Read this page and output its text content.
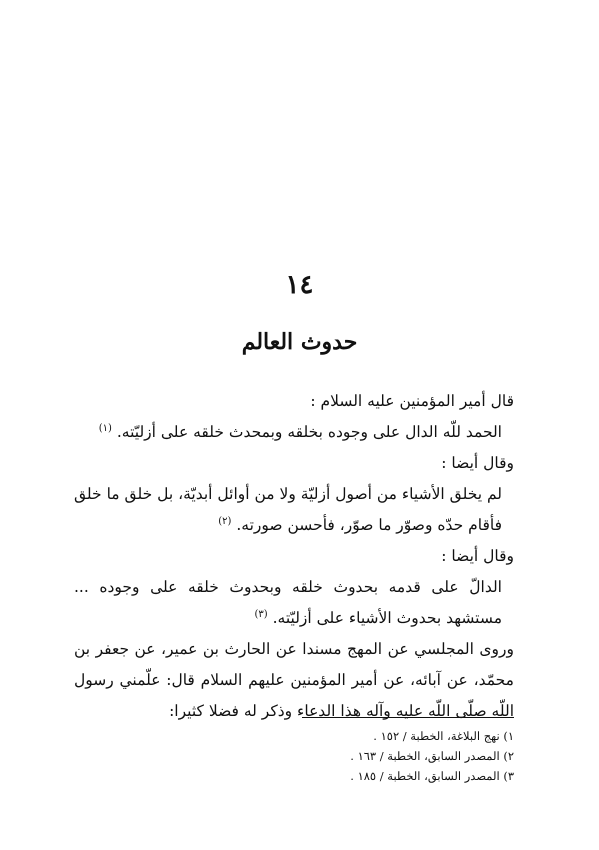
١٤
حدوث العالم

قال أمير المؤمنين عليه السلام :

الحمد للّه الدال على وجوده بخلقه وبمحدث خلقه على أزليّته. $^{(١)}$

وقال أيضا :

لم يخلق الأشياء من أصول أزليّة ولا من أوائل أبديّة، بل خلق ما خلق فأقام حدّه وصوّر ما صوّر، فأحسن صورته. $^{(٢)}$

وقال أيضا :

الدالّ على قدمه بحدوث خلقه وبحدوث خلقه على وجوده ... مستشهد بحدوث الأشياء على أزليّته. $^{(٣)}$

وروى المجلسي عن المهج مسندا عن الحارث بن عمير، عن جعفر بن محمّد، عن آبائه، عن أمير المؤمنين عليهم السلام قال: علّمني رسول اللّه صلّى اللّه عليه وآله هذا الدعاء وذكر له فضلا كثيرا:

١) نهج البلاغة، الخطبة / ١٥٢ .
٢) المصدر السابق، الخطبة / ١٦٣ .
٣) المصدر السابق، الخطبة / ١٨٥ .
